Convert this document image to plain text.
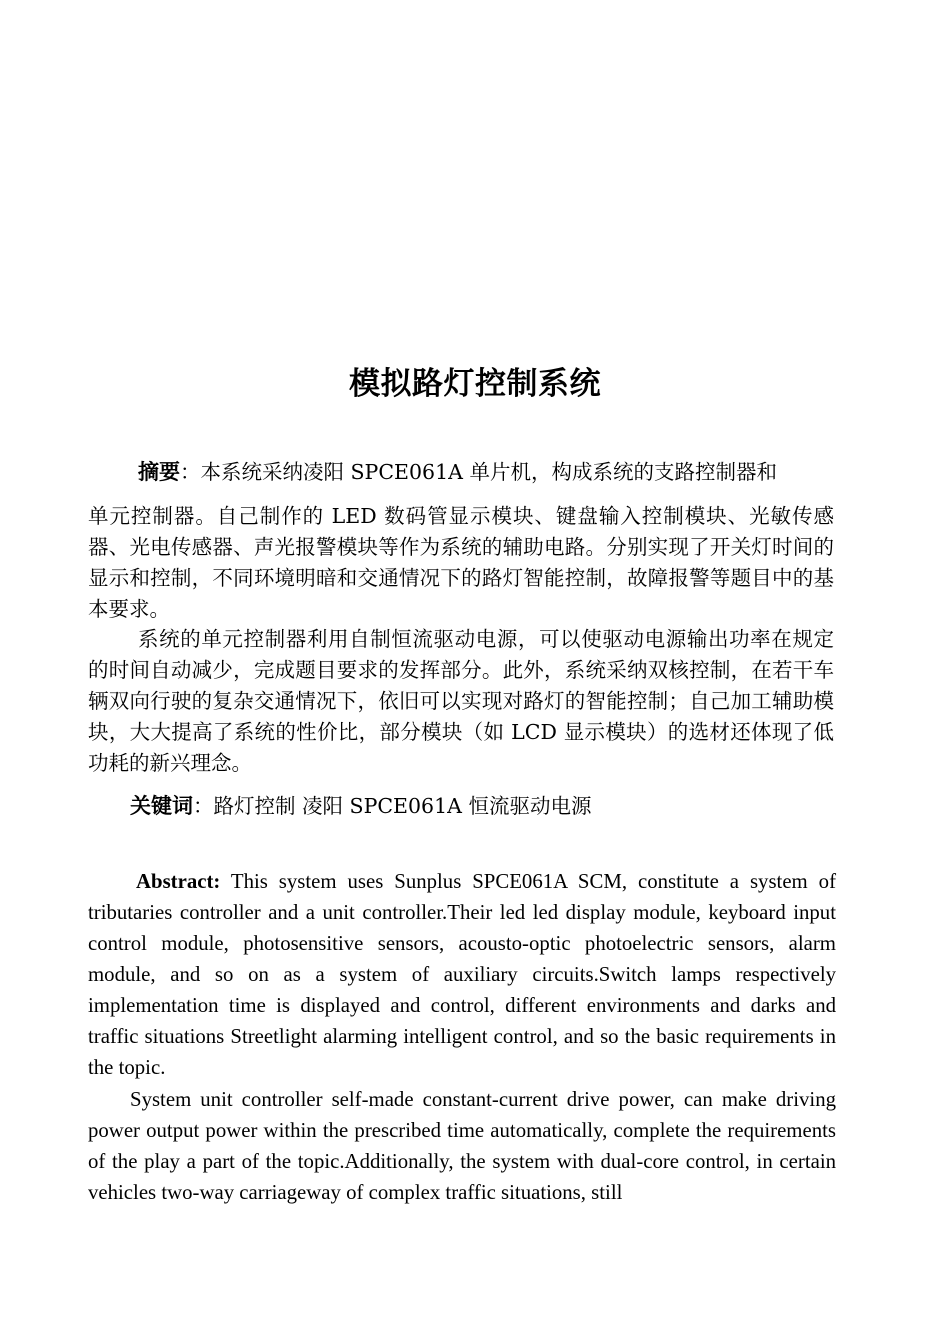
模拟路灯控制系统
摘要：本系统采纳凌阳 SPCE061A 单片机，构成系统的支路控制器和
单元控制器。自己制作的 LED 数码管显示模块、键盘输入控制模块、光敏传感器、光电传感器、声光报警模块等作为系统的辅助电路。分别实现了开关灯时间的显示和控制，不同环境明暗和交通情况下的路灯智能控制，故障报警等题目中的基本要求。
系统的单元控制器利用自制恒流驱动电源，可以使驱动电源输出功率在规定的时间自动减少，完成题目要求的发挥部分。此外，系统采纳双核控制，在若干车辆双向行驶的复杂交通情况下，依旧可以实现对路灯的智能控制；自己加工辅助模块，大大提高了系统的性价比，部分模块（如 LCD 显示模块）的选材还体现了低功耗的新兴理念。
关键词：路灯控制 凌阳 SPCE061A 恒流驱动电源
Abstract: This system uses Sunplus SPCE061A SCM, constitute a system of tributaries controller and a unit controller.Their led led display module, keyboard input control module, photosensitive sensors, acousto-optic photoelectric sensors, alarm module, and so on as a system of auxiliary circuits.Switch lamps respectively implementation time is displayed and control, different environments and darks and traffic situations Streetlight alarming intelligent control, and so the basic requirements in the topic.
System unit controller self-made constant-current drive power, can make driving power output power within the prescribed time automatically, complete the requirements of the play a part of the topic.Additionally, the system with dual-core control, in certain vehicles two-way carriageway of complex traffic situations, still
